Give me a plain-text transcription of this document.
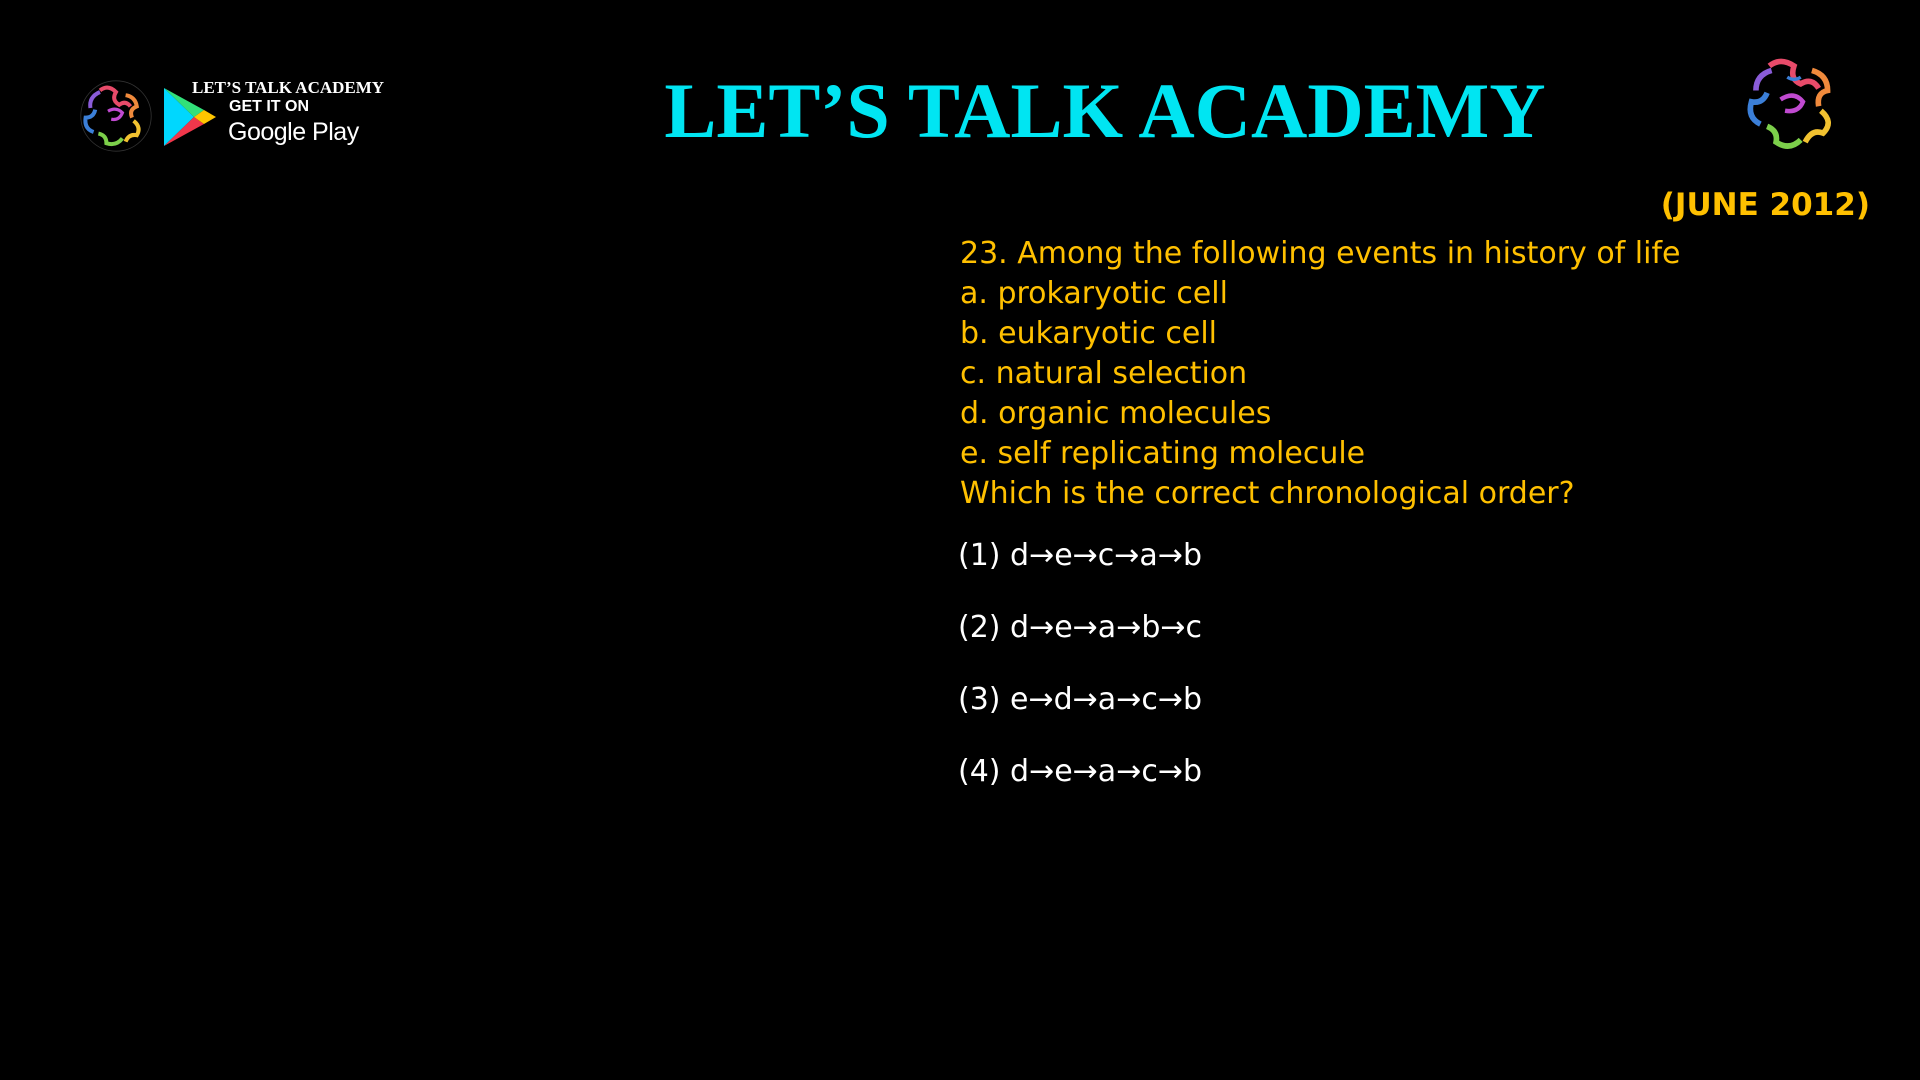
LET’S TALK ACADEMY
GET IT ON
Google Play	LET’S TALK ACADEMY
(JUNE 2012)
23. Among the following events in history of life
a. prokaryotic cell
b. eukaryotic cell
c. natural selection
d. organic molecules
e. self replicating molecule
Which is the correct chronological order?
(1) d→e→c→a→b
(2) d→e→a→b→c
(3) e→d→a→c→b
(4) d→e→a→c→b
